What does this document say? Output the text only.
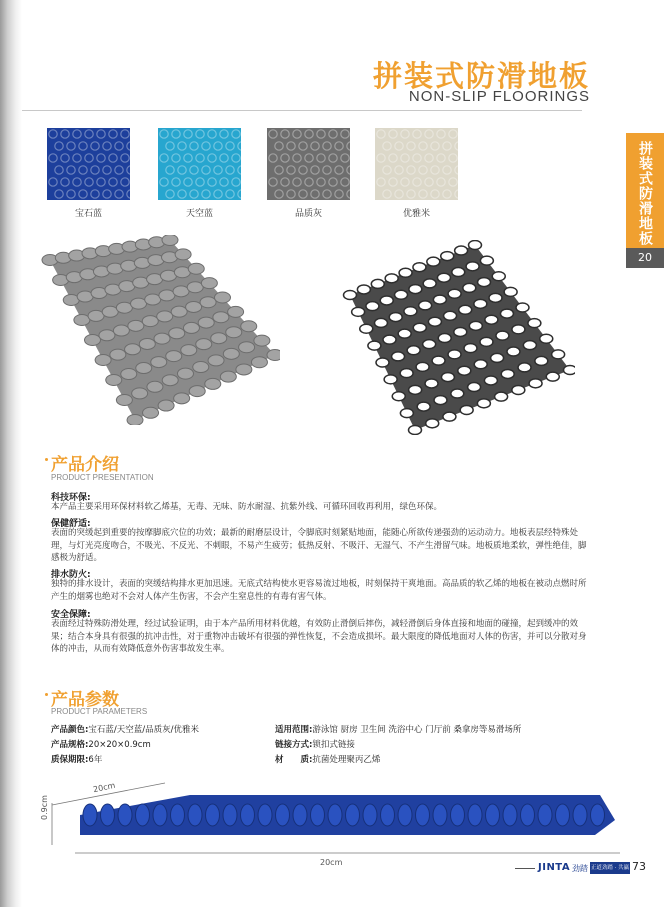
拼装式防滑地板
NON-SLIP FLOORINGS
拼装式防滑地板
20
宝石蓝	天空蓝	品质灰	优雅米
产品介绍
PRODUCT PRESENTATION
科技环保:
本产品主要采用环保材料软乙烯基，无毒、无味、防水耐湿、抗紫外线、可循环回收再利用，绿色环保。
保健舒适:
表面的突缓起到重要的按摩脚底穴位的功效；最新的耐磨层设计，令脚底时刻紧贴地面，能随心所欲传递强劲的运动动力。地板表层经特殊处理，与灯光亮度吻合，不吸光、不反光、不刺眼，不易产生疲劳；低热反射、不吸汗、无湿气、不产生滑留气味。地板质地柔软，弹性绝佳，脚感极为舒适。
排水防火:
独特的排水设计，表面的突缓结构排水更加迅速。无底式结构使水更容易流过地板，时刻保持干爽地面。高品质的软乙烯的地板在被动点燃时所产生的烟雾也绝对不会对人体产生伤害，不会产生窒息性的有毒有害气体。
安全保障:
表面经过特殊防滑处理，经过试验证明，由于本产品所用材料优越，有效防止滑倒后摔伤，减轻滑倒后身体直接和地面的碰撞，起到缓冲的效果；结合本身具有很强的抗冲击性，对于重物冲击破坏有很强的弹性恢复，不会造成损坏。最大限度的降低地面对人体的伤害，并可以分散对身体的冲击，从而有效降低意外伤害事故发生率。
产品参数
PRODUCT PARAMETERS
产品颜色:宝石蓝/天空蓝/品质灰/优雅米
产品规格:20×20×0.9cm
质保期限:6年
适用范围:游泳馆 厨房 卫生间 洗浴中心 门厅前 桑拿房等易滑场所
链接方式:锁扣式链接
材　　质:抗菌处理聚丙乙烯
20cm
0.9cm
20cm	JINTA 劲踏 正道劲踏 · 共赢天下
73
